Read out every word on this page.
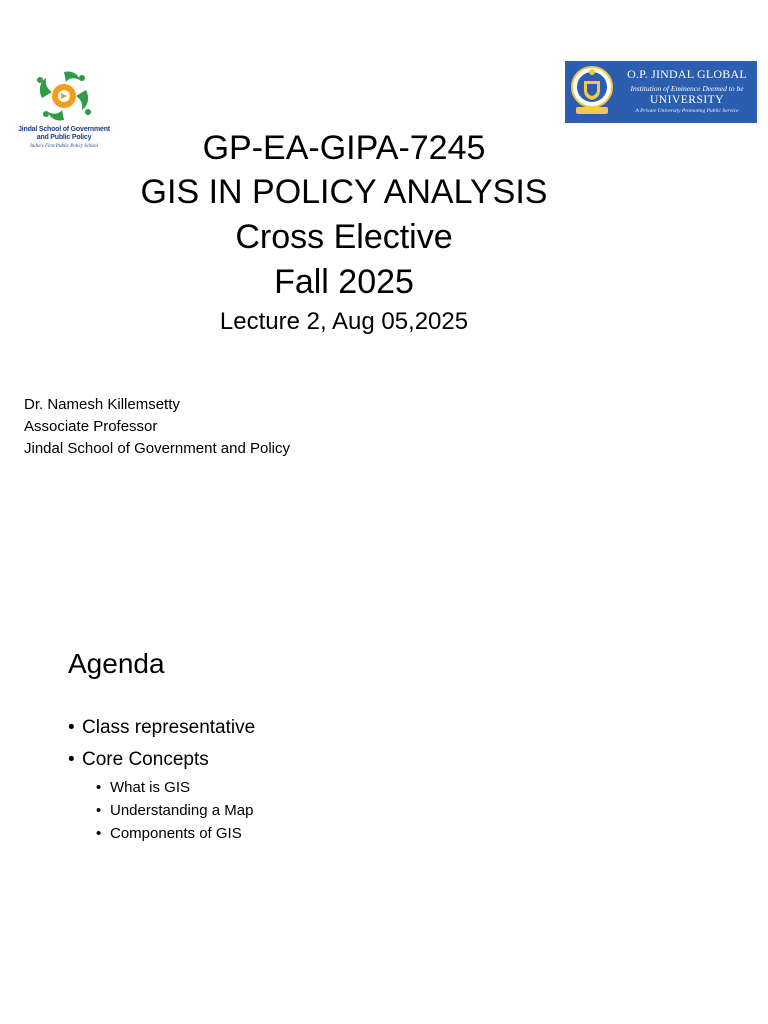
Jindal School of Government
and Public Policy
India's First Public Policy School
O.P. JINDAL GLOBAL
Institution of Eminence Deemed to be
UNIVERSITY
A Private University Promoting Public Service
GP-EA-GIPA-7245
GIS IN POLICY ANALYSIS
Cross Elective
Fall 2025
Lecture 2, Aug 05,2025
Dr. Namesh Killemsetty
Associate Professor
Jindal School of Government and Policy
Agenda
• Class representative
• Core Concepts
• What is GIS
• Understanding a Map
• Components of GIS
